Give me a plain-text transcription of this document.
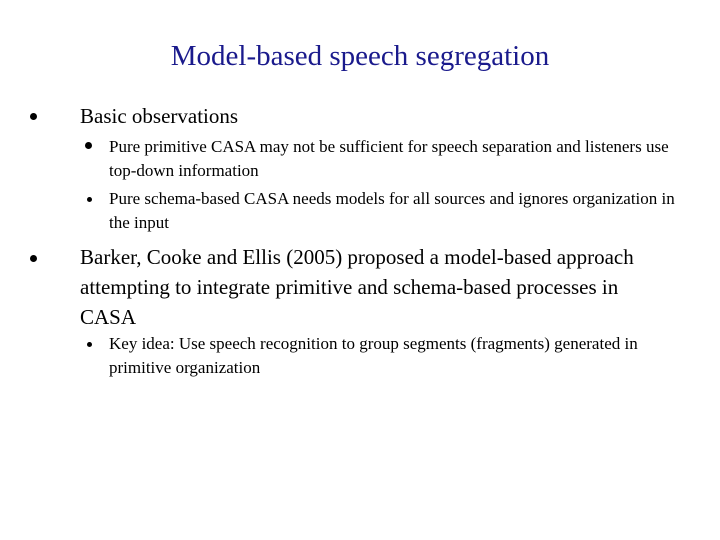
Model-based speech segregation
Basic observations
Pure primitive CASA may not be sufficient for speech separation and listeners use top-down information
Pure schema-based CASA needs models for all sources and ignores organization in the input
Barker, Cooke and Ellis (2005) proposed a model-based approach attempting to integrate primitive and schema-based processes in CASA
Key idea: Use speech recognition to group segments (fragments) generated in primitive organization
